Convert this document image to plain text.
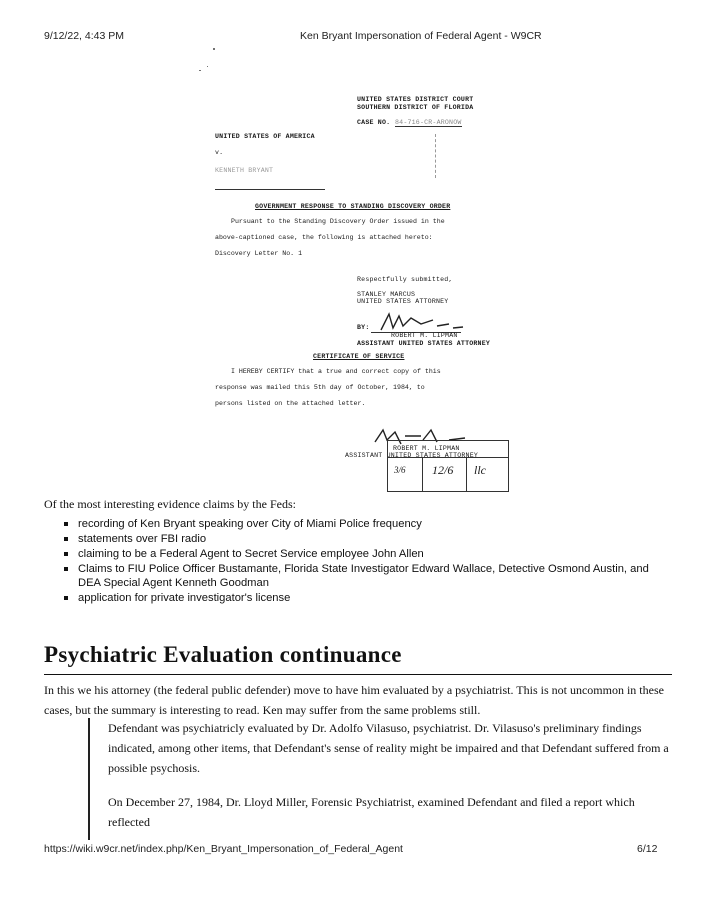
9/12/22, 4:43 PM	Ken Bryant Impersonation of Federal Agent - W9CR
UNITED STATES DISTRICT COURT
SOUTHERN DISTRICT OF FLORIDA
CASE NO. 84-716-CR-ARONOW
UNITED STATES OF AMERICA
v.
KENNETH BRYANT
GOVERNMENT RESPONSE TO STANDING DISCOVERY ORDER
Pursuant to the Standing Discovery Order issued in the
above-captioned case, the following is attached hereto:
Discovery Letter No. 1
Respectfully submitted,
STANLEY MARCUS
UNITED STATES ATTORNEY
BY:
ROBERT M. LIPMAN
ASSISTANT UNITED STATES ATTORNEY
CERTIFICATE OF SERVICE
I HEREBY CERTIFY that a true and correct copy of this
response was mailed this 5th day of October, 1984, to
persons listed on the attached letter.
ROBERT M. LIPMAN
ASSISTANT UNITED STATES ATTORNEY
3/6 12/6 llc
Of the most interesting evidence claims by the Feds:
recording of Ken Bryant speaking over City of Miami Police frequency
statements over FBI radio
claiming to be a Federal Agent to Secret Service employee John Allen
Claims to FIU Police Officer Bustamante, Florida State Investigator Edward Wallace, Detective Osmond Austin, and DEA Special Agent Kenneth Goodman
application for private investigator's license
Psychiatric Evaluation continuance
In this we his attorney (the federal public defender) move to have him evaluated by a psychiatrist. This is not uncommon in these cases, but the summary is interesting to read. Ken may suffer from the same problems still.

Defendant was psychiatricly evaluated by Dr. Adolfo Vilasuso, psychiatrist. Dr. Vilasuso's preliminary findings indicated, among other items, that Defendant's sense of reality might be impaired and that Defendant suffered from a possible psychosis.

On December 27, 1984, Dr. Lloyd Miller, Forensic Psychiatrist, examined Defendant and filed a report which reflected

https://wiki.w9cr.net/index.php/Ken_Bryant_Impersonation_of_Federal_Agent	6/12
